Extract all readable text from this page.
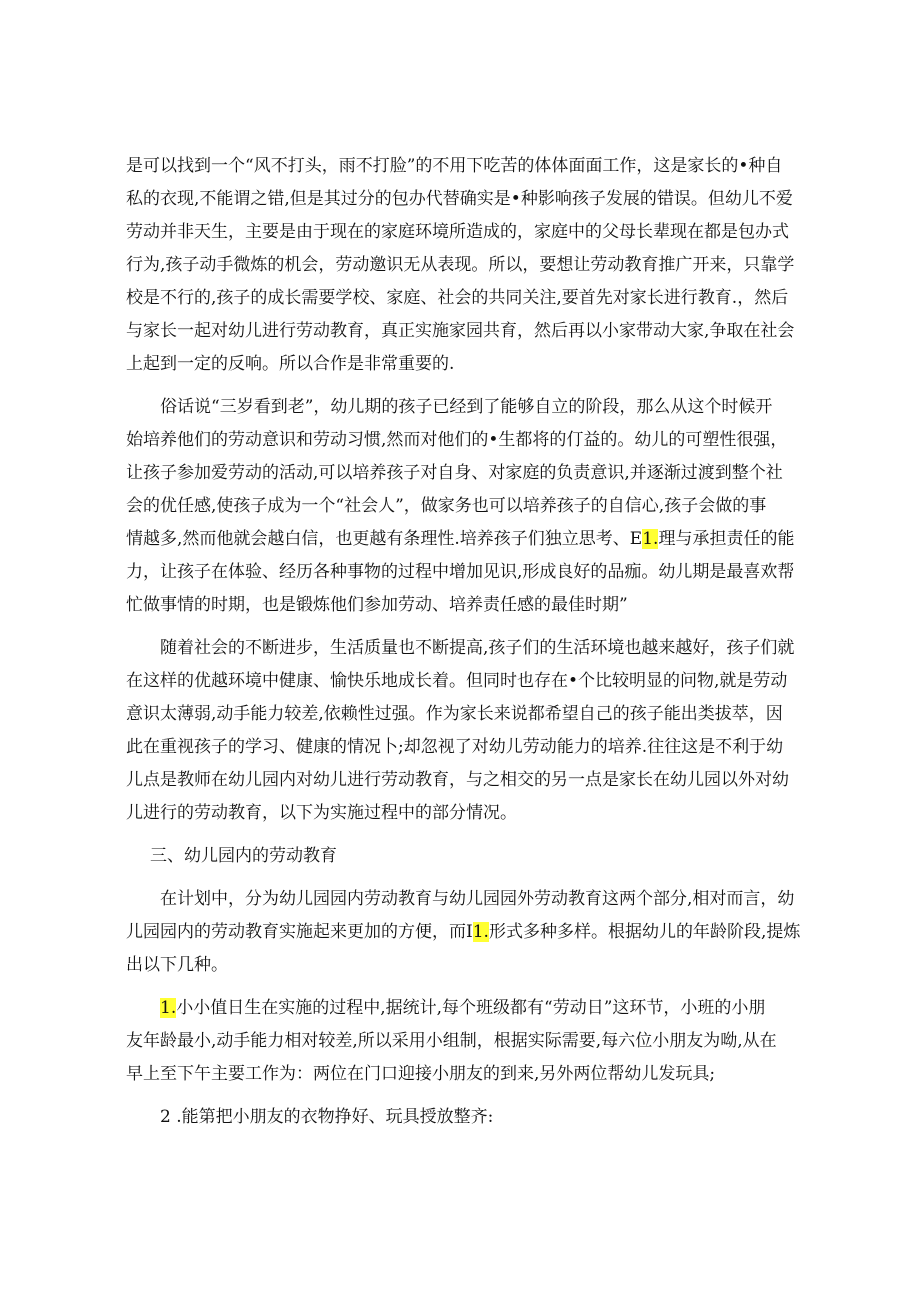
是可以找到一个“风不打头，雨不打脸”的不用下吃苦的体体面面工作，这是家长的•种自
私的衣现,不能谓之错,但是其过分的包办代替确实是•种影响孩子发展的错误。但幼儿不爱
劳动并非天生，主要是由于现在的家庭环境所造成的，家庭中的父母长辈现在都是包办式
行为,孩子动手微炼的机会，劳动邀识无从表现。所以，要想让劳动教育推广开来，只靠学
校是不行的,孩子的成长需要学校、家庭、社会的共同关注,要首先对家长进行教育.，然后
与家长一起对幼儿进行劳动教育，真正实施家园共育，然后再以小家带动大家,争取在社会
上起到一定的反响。所以合作是非常重要的.
俗话说“三岁看到老”，幼儿期的孩子已经到了能够自立的阶段，那么从这个时候开
始培养他们的劳动意识和劳动习惯,然而对他们的•生都将的仃益的。幼儿的可塑性很强，
让孩子参加爱劳动的活动,可以培养孩子对自身、对家庭的负责意识,并逐渐过渡到整个社
会的优任感,使孩子成为一个“社会人”，做家务也可以培养孩子的自信心,孩子会做的事
情越多,然而他就会越白信，也更越有条理性.培养孩子们独立思考、E1.理与承担责任的能
力，让孩子在体验、经历各种事物的过程中增加见识,形成良好的品痂。幼儿期是最喜欢帮
忙做事情的时期，也是锻炼他们参加劳动、培养责任感的最佳时期”
随着社会的不断进步，生活质量也不断提高,孩子们的生活环境也越来越好，孩子们就
在这样的优越环境中健康、愉快乐地成长着。但同时也存在•个比较明显的问物,就是劳动
意识太薄弱,动手能力较差,依赖性过强。作为家长来说都希望自己的孩子能出类拔萃，因
此在重视孩子的学习、健康的情况卜;却忽视了对幼儿劳动能力的培养.往往这是不利于幼
儿点是教师在幼儿园内对幼儿进行劳动教育，与之相交的另一点是家长在幼儿园以外对幼
儿进行的劳动教育，以下为实施过程中的部分情况。
三、幼儿园内的劳动教育
在计划中，分为幼儿园园内劳动教育与幼儿园园外劳动教育这两个部分,相对而言，幼
儿园园内的劳动教育实施起来更加的方便，而I1.形式多种多样。根据幼儿的年龄阶段,提炼
出以下几种。
1.小小值日生在实施的过程中,据统计,每个班级都有“劳动日”这环节，小班的小朋
友年龄最小,动手能力相对较差,所以采用小组制，根据实际需要,每六位小朋友为呦,从在
早上至下午主要工作为：两位在门口迎接小朋友的到来,另外两位帮幼儿发玩具;
2 .能第把小朋友的衣物挣好、玩具授放整齐:
